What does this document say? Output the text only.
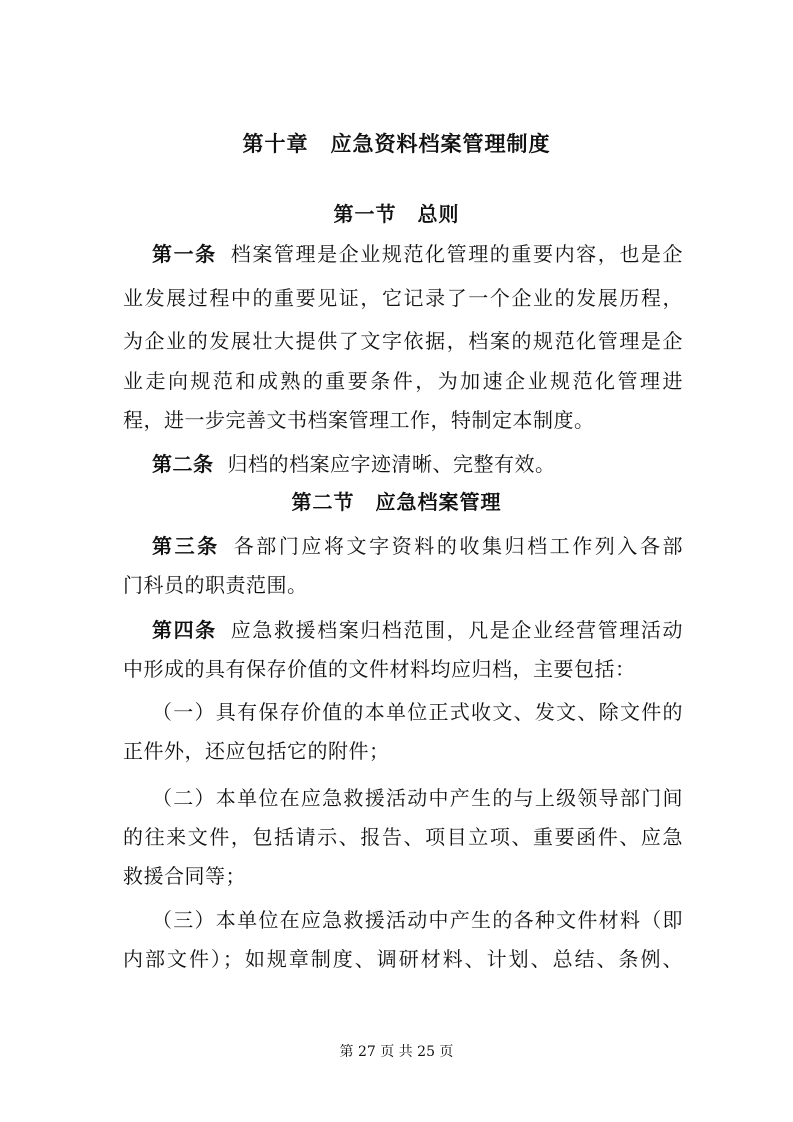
第十章　应急资料档案管理制度
第一节　总则
第一条 档案管理是企业规范化管理的重要内容，也是企
业发展过程中的重要见证，它记录了一个企业的发展历程，
为企业的发展壮大提供了文字依据，档案的规范化管理是企
业走向规范和成熟的重要条件，为加速企业规范化管理进
程，进一步完善文书档案管理工作，特制定本制度。
第二条 归档的档案应字迹清晰、完整有效。
第二节　应急档案管理
第三条 各部门应将文字资料的收集归档工作列入各部
门科员的职责范围。
第四条 应急救援档案归档范围，凡是企业经营管理活动
中形成的具有保存价值的文件材料均应归档，主要包括：
（一）具有保存价值的本单位正式收文、发文、除文件的
正件外，还应包括它的附件；
（二）本单位在应急救援活动中产生的与上级领导部门间
的往来文件，包括请示、报告、项目立项、重要函件、应急
救援合同等；
（三）本单位在应急救援活动中产生的各种文件材料（即
内部文件）；如规章制度、调研材料、计划、总结、条例、
第 27 页 共 25 页
